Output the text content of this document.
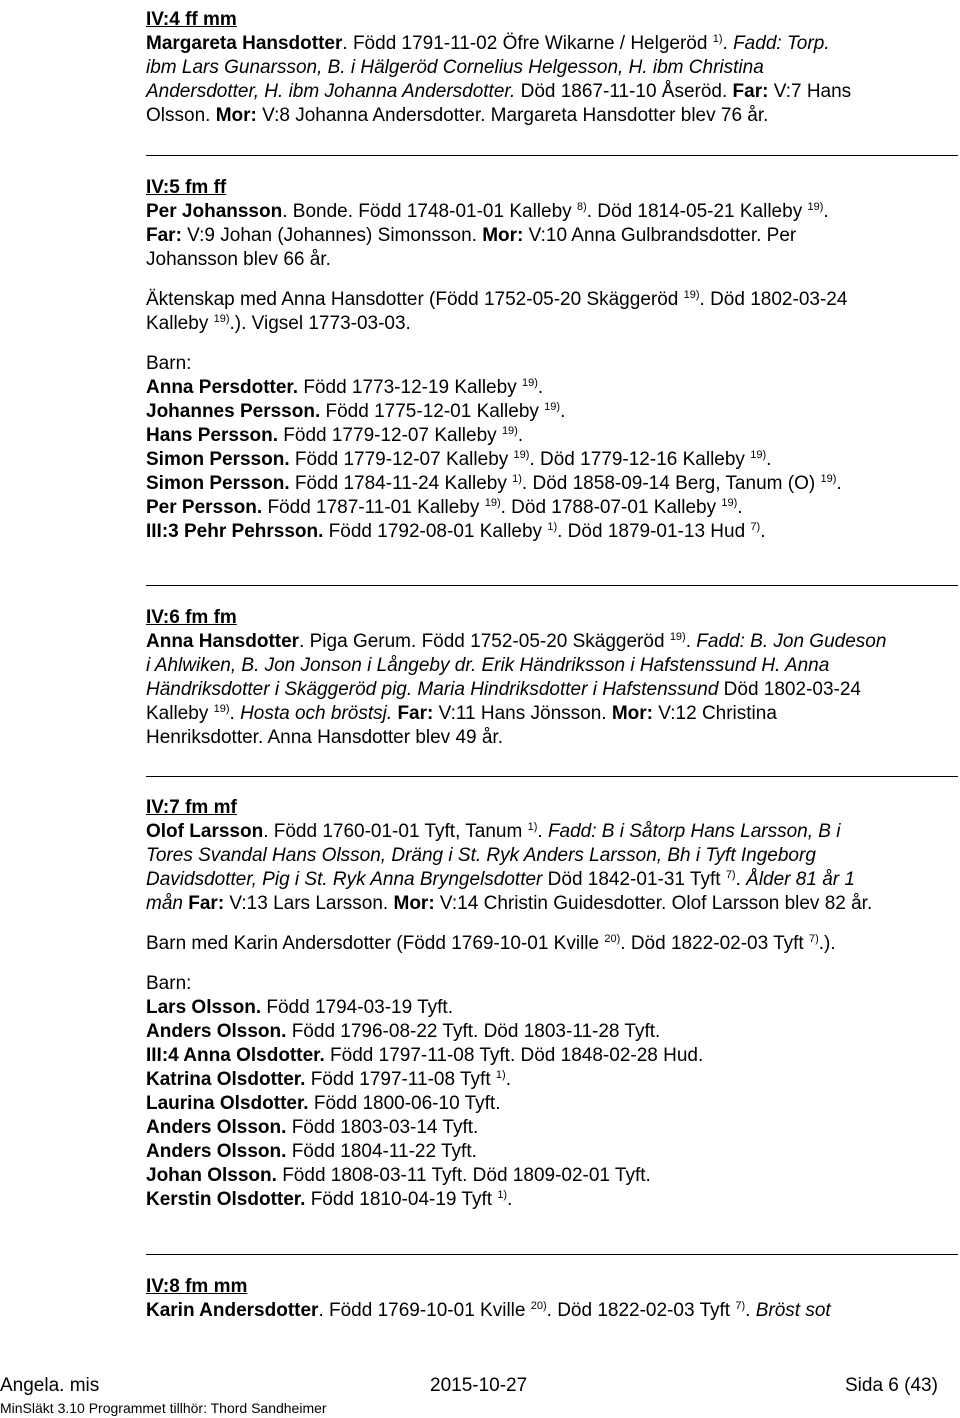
IV:4 ff mm
Margareta Hansdotter. Född 1791-11-02 Öfre Wikarne / Helgeröd $^{1)}$. Fadd: Torp.
ibm Lars Gunarsson, B. i Hälgeröd Cornelius Helgesson, H. ibm Christina
Andersdotter, H. ibm Johanna Andersdotter. Död 1867-11-10 Åseröd. Far: V:7 Hans
Olsson. Mor: V:8 Johanna Andersdotter. Margareta Hansdotter blev 76 år.
IV:5 fm ff
Per Johansson. Bonde. Född 1748-01-01 Kalleby $^{8)}$. Död 1814-05-21 Kalleby $^{19)}$.
Far: V:9 Johan (Johannes) Simonsson. Mor: V:10 Anna Gulbrandsdotter. Per
Johansson blev 66 år.
Äktenskap med Anna Hansdotter (Född 1752-05-20 Skäggeröd $^{19)}$. Död 1802-03-24
Kalleby $^{19)}$.). Vigsel 1773-03-03.
Barn:
Anna Persdotter. Född 1773-12-19 Kalleby $^{19)}$.
Johannes Persson. Född 1775-12-01 Kalleby $^{19)}$.
Hans Persson. Född 1779-12-07 Kalleby $^{19)}$.
Simon Persson. Född 1779-12-07 Kalleby $^{19)}$. Död 1779-12-16 Kalleby $^{19)}$.
Simon Persson. Född 1784-11-24 Kalleby $^{1)}$. Död 1858-09-14 Berg, Tanum (O) $^{19)}$.
Per Persson. Född 1787-11-01 Kalleby $^{19)}$. Död 1788-07-01 Kalleby $^{19)}$.
III:3 Pehr Pehrsson. Född 1792-08-01 Kalleby $^{1)}$. Död 1879-01-13 Hud $^{7)}$.
IV:6 fm fm
Anna Hansdotter. Piga Gerum. Född 1752-05-20 Skäggeröd $^{19)}$. Fadd: B. Jon Gudeson
i Ahlwiken, B. Jon Jonson i Långeby dr. Erik Händriksson i Hafstenssund H. Anna
Händriksdotter i Skäggeröd pig. Maria Hindriksdotter i Hafstenssund Död 1802-03-24
Kalleby $^{19)}$. Hosta och bröstsj. Far: V:11 Hans Jönsson. Mor: V:12 Christina
Henriksdotter. Anna Hansdotter blev 49 år.
IV:7 fm mf
Olof Larsson. Född 1760-01-01 Tyft, Tanum $^{1)}$. Fadd: B i Såtorp Hans Larsson, B i
Tores Svandal Hans Olsson, Dräng i St. Ryk Anders Larsson, Bh i Tyft Ingeborg
Davidsdotter, Pig i St. Ryk Anna Bryngelsdotter Död 1842-01-31 Tyft $^{7)}$. Ålder 81 år 1
mån Far: V:13 Lars Larsson. Mor: V:14 Christin Guidesdotter. Olof Larsson blev 82 år.
Barn med Karin Andersdotter (Född 1769-10-01 Kville $^{20)}$. Död 1822-02-03 Tyft $^{7)}$.).
Barn:
Lars Olsson. Född 1794-03-19 Tyft.
Anders Olsson. Född 1796-08-22 Tyft. Död 1803-11-28 Tyft.
III:4 Anna Olsdotter. Född 1797-11-08 Tyft. Död 1848-02-28 Hud.
Katrina Olsdotter. Född 1797-11-08 Tyft $^{1)}$.
Laurina Olsdotter. Född 1800-06-10 Tyft.
Anders Olsson. Född 1803-03-14 Tyft.
Anders Olsson. Född 1804-11-22 Tyft.
Johan Olsson. Född 1808-03-11 Tyft. Död 1809-02-01 Tyft.
Kerstin Olsdotter. Född 1810-04-19 Tyft $^{1)}$.
IV:8 fm mm
Karin Andersdotter. Född 1769-10-01 Kville $^{20)}$. Död 1822-02-03 Tyft $^{7)}$. Bröst sot
Angela. mis	2015-10-27	Sida 6 (43)
MinSläkt 3.10 Programmet tillhör: Thord Sandheimer
